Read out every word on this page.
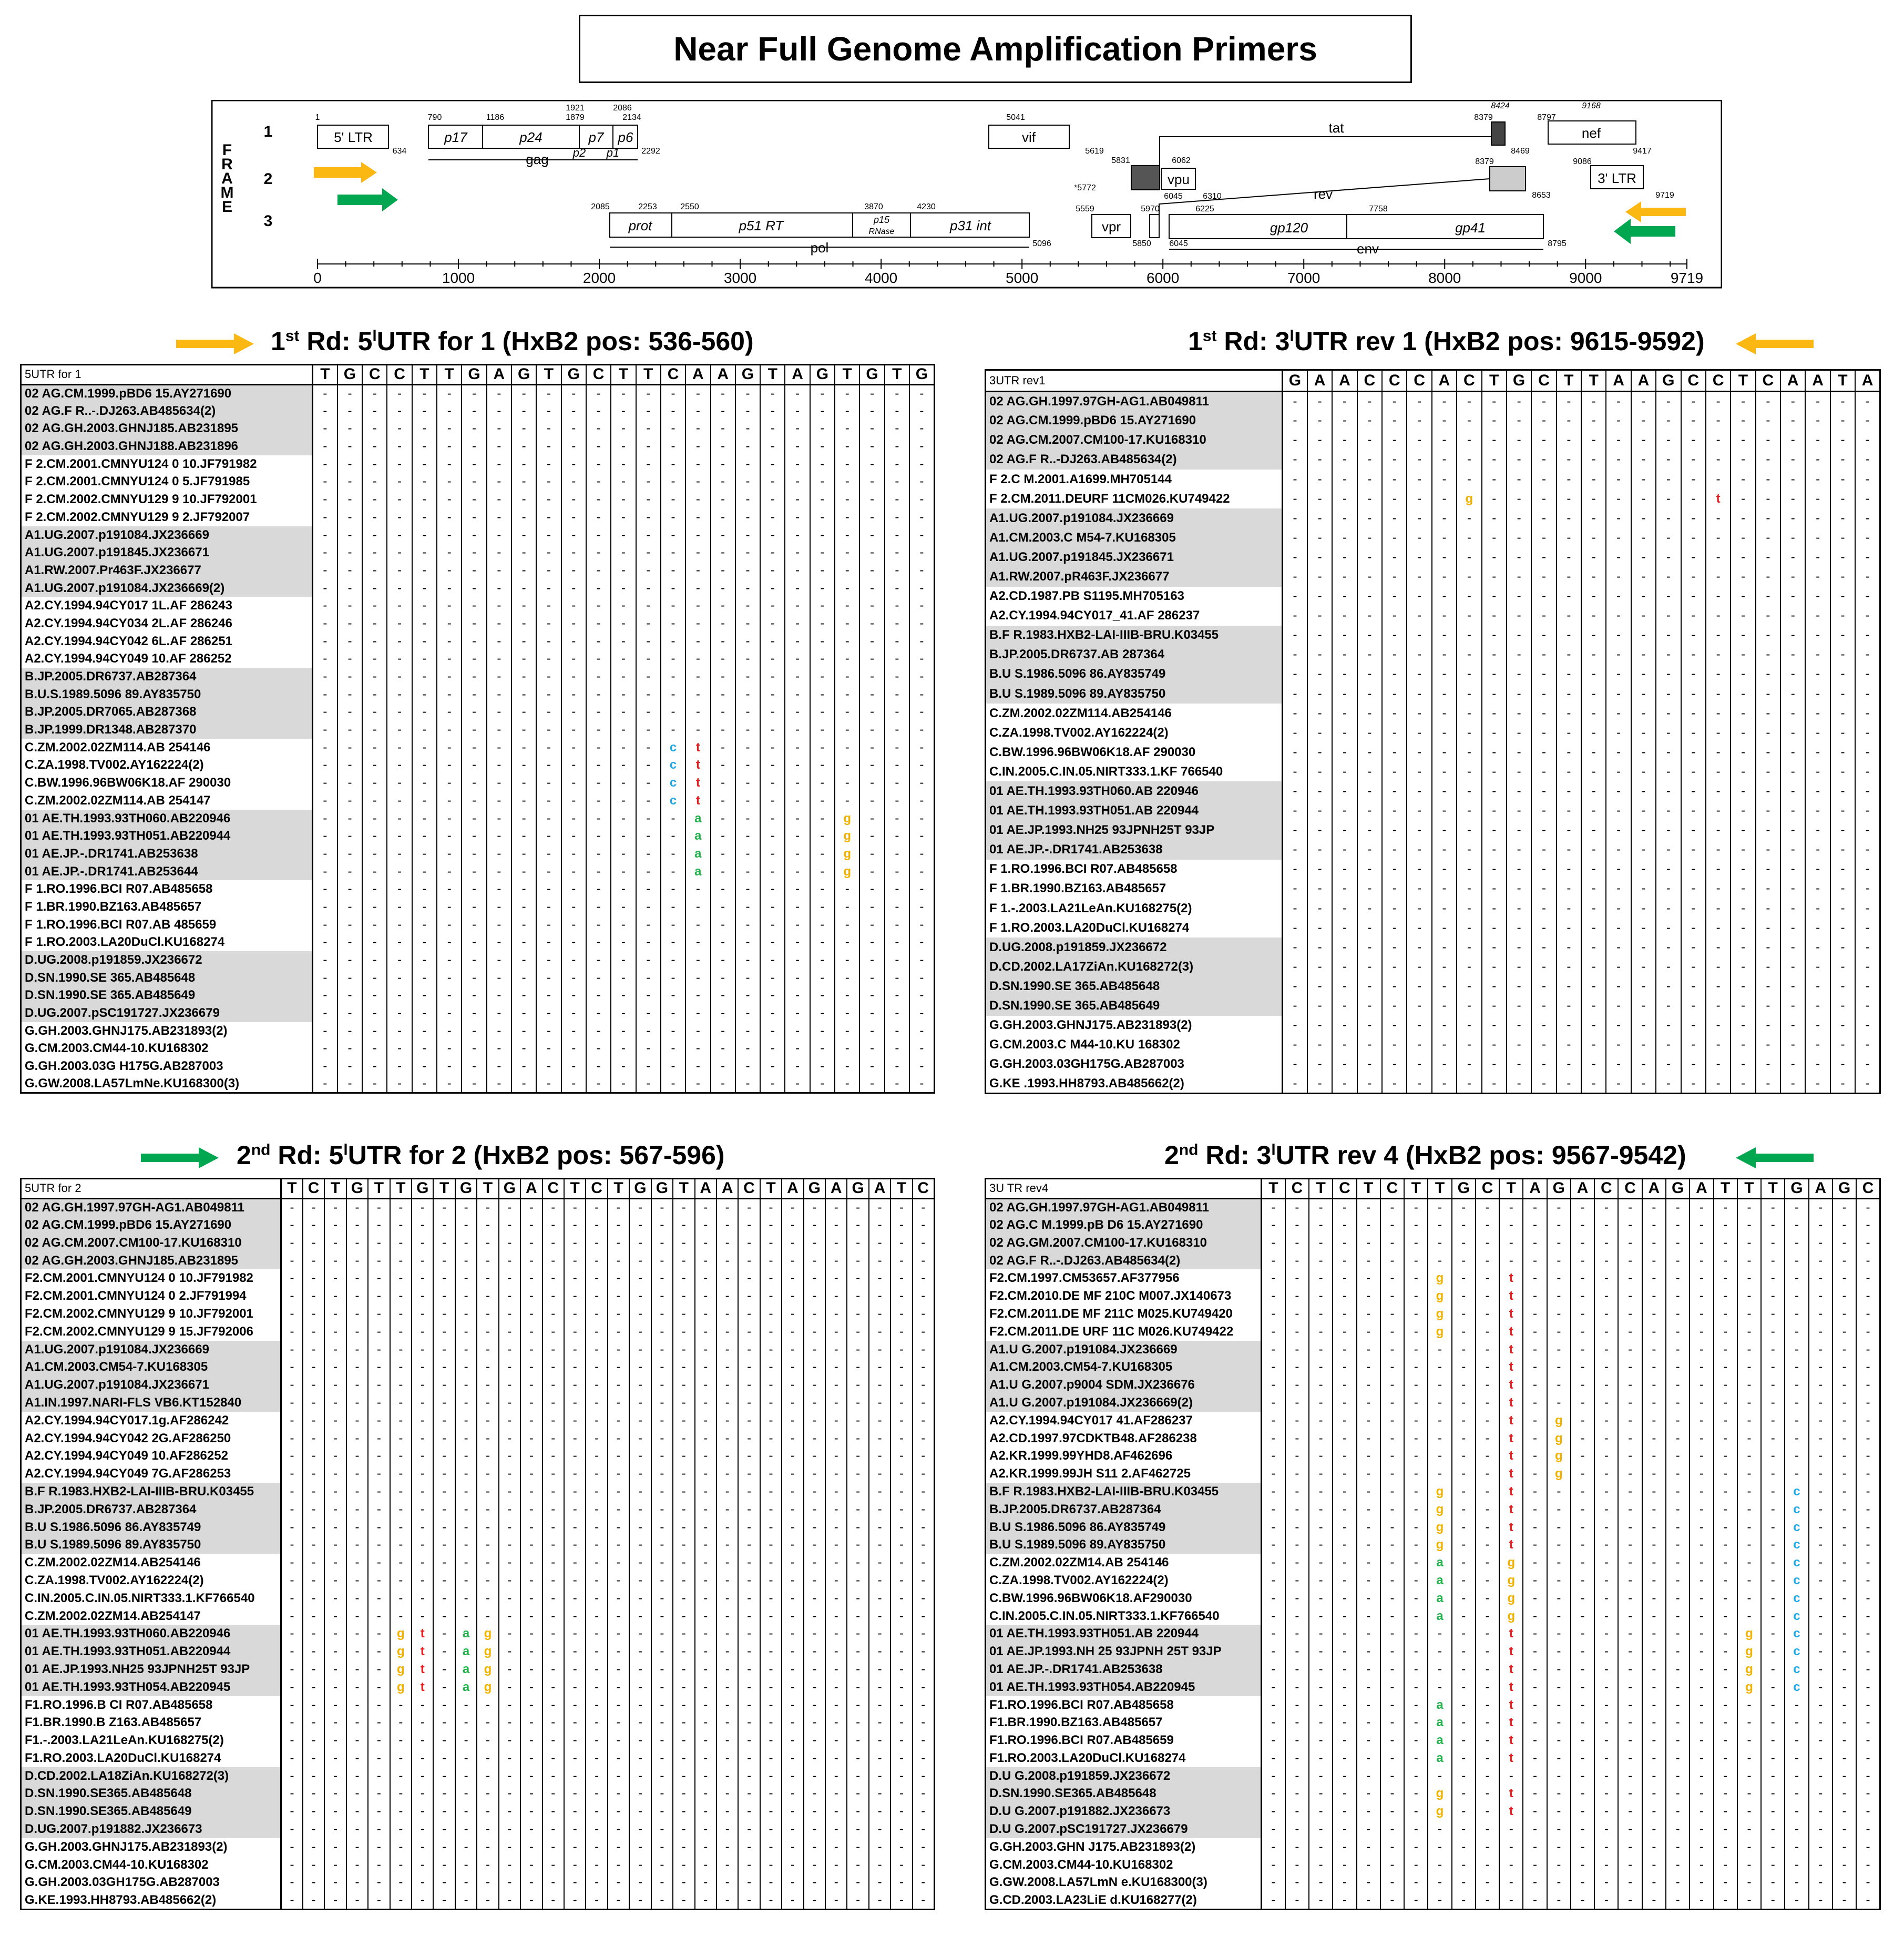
Near Full Genome Amplification Primers
F
R
A
M
E
1
2
3
5' LTR	p17	p24	p7 p6
p2 p1
gag
prot	p51 RT	p15
RNase	p31 int
pol
vif
vpr
vpu
tat
rev
gp120	gp41
env
nef
3' LTR
1
634
790	1186	1879
1921	2086
2134
2292
2085	2253	2550	3870	4230
5096
5041
5619
5831
*5772
5559
5850
5970
6045
6045
6062
6310
6225	7758
8795
8379
8379
8424
8469
8653
8797
9168
9417
9086
9719
0	1000	2000	3000	4000	5000	6000	7000	8000	9000	9719
1st Rd: 5$^l$UTR for 1 (HxB2 pos: 536-560)	1st Rd: 3$^l$UTR rev 1 (HxB2 pos: 9615-9592)
2nd Rd: 5$^l$UTR for 2 (HxB2 pos: 567-596)	2nd Rd: 3$^l$UTR rev 4 (HxB2 pos: 9567-9542)
5UTR for 1	T	G	C	C	T	T	G	A	G	T	G	C	T	T	C	A	A	G	T	A	G	T	G	T	G
02 AG.CM.1999.pBD6 15.AY271690	-	-	-	-	-	-	-	-	-	-	-	-	-	-	-	-	-	-	-	-	-	-	-	-	-
02 AG.F R..-.DJ263.AB485634(2)	-	-	-	-	-	-	-	-	-	-	-	-	-	-	-	-	-	-	-	-	-	-	-	-	-
02 AG.GH.2003.GHNJ185.AB231895	-	-	-	-	-	-	-	-	-	-	-	-	-	-	-	-	-	-	-	-	-	-	-	-	-
02 AG.GH.2003.GHNJ188.AB231896	-	-	-	-	-	-	-	-	-	-	-	-	-	-	-	-	-	-	-	-	-	-	-	-	-
F 2.CM.2001.CMNYU124 0 10.JF791982	-	-	-	-	-	-	-	-	-	-	-	-	-	-	-	-	-	-	-	-	-	-	-	-	-
F 2.CM.2001.CMNYU124 0 5.JF791985	-	-	-	-	-	-	-	-	-	-	-	-	-	-	-	-	-	-	-	-	-	-	-	-	-
F 2.CM.2002.CMNYU129 9 10.JF792001	-	-	-	-	-	-	-	-	-	-	-	-	-	-	-	-	-	-	-	-	-	-	-	-	-
F 2.CM.2002.CMNYU129 9 2.JF792007	-	-	-	-	-	-	-	-	-	-	-	-	-	-	-	-	-	-	-	-	-	-	-	-	-
A1.UG.2007.p191084.JX236669	-	-	-	-	-	-	-	-	-	-	-	-	-	-	-	-	-	-	-	-	-	-	-	-	-
A1.UG.2007.p191845.JX236671	-	-	-	-	-	-	-	-	-	-	-	-	-	-	-	-	-	-	-	-	-	-	-	-	-
A1.RW.2007.Pr463F.JX236677	-	-	-	-	-	-	-	-	-	-	-	-	-	-	-	-	-	-	-	-	-	-	-	-	-
A1.UG.2007.p191084.JX236669(2)	-	-	-	-	-	-	-	-	-	-	-	-	-	-	-	-	-	-	-	-	-	-	-	-	-
A2.CY.1994.94CY017 1L.AF 286243	-	-	-	-	-	-	-	-	-	-	-	-	-	-	-	-	-	-	-	-	-	-	-	-	-
A2.CY.1994.94CY034 2L.AF 286246	-	-	-	-	-	-	-	-	-	-	-	-	-	-	-	-	-	-	-	-	-	-	-	-	-
A2.CY.1994.94CY042 6L.AF 286251	-	-	-	-	-	-	-	-	-	-	-	-	-	-	-	-	-	-	-	-	-	-	-	-	-
A2.CY.1994.94CY049 10.AF 286252	-	-	-	-	-	-	-	-	-	-	-	-	-	-	-	-	-	-	-	-	-	-	-	-	-
B.JP.2005.DR6737.AB287364	-	-	-	-	-	-	-	-	-	-	-	-	-	-	-	-	-	-	-	-	-	-	-	-	-
B.U.S.1989.5096 89.AY835750	-	-	-	-	-	-	-	-	-	-	-	-	-	-	-	-	-	-	-	-	-	-	-	-	-
B.JP.2005.DR7065.AB287368	-	-	-	-	-	-	-	-	-	-	-	-	-	-	-	-	-	-	-	-	-	-	-	-	-
B.JP.1999.DR1348.AB287370	-	-	-	-	-	-	-	-	-	-	-	-	-	-	-	-	-	-	-	-	-	-	-	-	-
C.ZM.2002.02ZM114.AB 254146	-	-	-	-	-	-	-	-	-	-	-	-	-	-	c	t	-	-	-	-	-	-	-	-	-
C.ZA.1998.TV002.AY162224(2)	-	-	-	-	-	-	-	-	-	-	-	-	-	-	c	t	-	-	-	-	-	-	-	-	-
C.BW.1996.96BW06K18.AF 290030	-	-	-	-	-	-	-	-	-	-	-	-	-	-	c	t	-	-	-	-	-	-	-	-	-
C.ZM.2002.02ZM114.AB 254147	-	-	-	-	-	-	-	-	-	-	-	-	-	-	c	t	-	-	-	-	-	-	-	-	-
01 AE.TH.1993.93TH060.AB220946	-	-	-	-	-	-	-	-	-	-	-	-	-	-	-	a	-	-	-	-	-	g	-	-	-
01 AE.TH.1993.93TH051.AB220944	-	-	-	-	-	-	-	-	-	-	-	-	-	-	-	a	-	-	-	-	-	g	-	-	-
01 AE.JP.-.DR1741.AB253638	-	-	-	-	-	-	-	-	-	-	-	-	-	-	-	a	-	-	-	-	-	g	-	-	-
01 AE.JP.-.DR1741.AB253644	-	-	-	-	-	-	-	-	-	-	-	-	-	-	-	a	-	-	-	-	-	g	-	-	-
F 1.RO.1996.BCI R07.AB485658	-	-	-	-	-	-	-	-	-	-	-	-	-	-	-	-	-	-	-	-	-	-	-	-	-
F 1.BR.1990.BZ163.AB485657	-	-	-	-	-	-	-	-	-	-	-	-	-	-	-	-	-	-	-	-	-	-	-	-	-
F 1.RO.1996.BCI R07.AB 485659	-	-	-	-	-	-	-	-	-	-	-	-	-	-	-	-	-	-	-	-	-	-	-	-	-
F 1.RO.2003.LA20DuCl.KU168274	-	-	-	-	-	-	-	-	-	-	-	-	-	-	-	-	-	-	-	-	-	-	-	-	-
D.UG.2008.p191859.JX236672	-	-	-	-	-	-	-	-	-	-	-	-	-	-	-	-	-	-	-	-	-	-	-	-	-
D.SN.1990.SE 365.AB485648	-	-	-	-	-	-	-	-	-	-	-	-	-	-	-	-	-	-	-	-	-	-	-	-	-
D.SN.1990.SE 365.AB485649	-	-	-	-	-	-	-	-	-	-	-	-	-	-	-	-	-	-	-	-	-	-	-	-	-
D.UG.2007.pSC191727.JX236679	-	-	-	-	-	-	-	-	-	-	-	-	-	-	-	-	-	-	-	-	-	-	-	-	-
G.GH.2003.GHNJ175.AB231893(2)	-	-	-	-	-	-	-	-	-	-	-	-	-	-	-	-	-	-	-	-	-	-	-	-	-
G.CM.2003.CM44-10.KU168302	-	-	-	-	-	-	-	-	-	-	-	-	-	-	-	-	-	-	-	-	-	-	-	-	-
G.GH.2003.03G H175G.AB287003	-	-	-	-	-	-	-	-	-	-	-	-	-	-	-	-	-	-	-	-	-	-	-	-	-
G.GW.2008.LA57LmNe.KU168300(3)	-	-	-	-	-	-	-	-	-	-	-	-	-	-	-	-	-	-	-	-	-	-	-	-	-
3UTR rev1	G	A	A	C	C	C	A	C	T	G	C	T	T	A	A	G	C	C	T	C	A	A	T	A
02 AG.GH.1997.97GH-AG1.AB049811	-	-	-	-	-	-	-	-	-	-	-	-	-	-	-	-	-	-	-	-	-	-	-	-
02 AG.CM.1999.pBD6 15.AY271690	-	-	-	-	-	-	-	-	-	-	-	-	-	-	-	-	-	-	-	-	-	-	-	-
02 AG.CM.2007.CM100-17.KU168310	-	-	-	-	-	-	-	-	-	-	-	-	-	-	-	-	-	-	-	-	-	-	-	-
02 AG.F R..-DJ263.AB485634(2)	-	-	-	-	-	-	-	-	-	-	-	-	-	-	-	-	-	-	-	-	-	-	-	-
F 2.C M.2001.A1699.MH705144	-	-	-	-	-	-	-	-	-	-	-	-	-	-	-	-	-	-	-	-	-	-	-	-
F 2.CM.2011.DEURF 11CM026.KU749422	-	-	-	-	-	-	-	g	-	-	-	-	-	-	-	-	-	t	-	-	-	-	-	-
A1.UG.2007.p191084.JX236669	-	-	-	-	-	-	-	-	-	-	-	-	-	-	-	-	-	-	-	-	-	-	-	-
A1.CM.2003.C M54-7.KU168305	-	-	-	-	-	-	-	-	-	-	-	-	-	-	-	-	-	-	-	-	-	-	-	-
A1.UG.2007.p191845.JX236671	-	-	-	-	-	-	-	-	-	-	-	-	-	-	-	-	-	-	-	-	-	-	-	-
A1.RW.2007.pR463F.JX236677	-	-	-	-	-	-	-	-	-	-	-	-	-	-	-	-	-	-	-	-	-	-	-	-
A2.CD.1987.PB S1195.MH705163	-	-	-	-	-	-	-	-	-	-	-	-	-	-	-	-	-	-	-	-	-	-	-	-
A2.CY.1994.94CY017_41.AF 286237	-	-	-	-	-	-	-	-	-	-	-	-	-	-	-	-	-	-	-	-	-	-	-	-
B.F R.1983.HXB2-LAI-IIIB-BRU.K03455	-	-	-	-	-	-	-	-	-	-	-	-	-	-	-	-	-	-	-	-	-	-	-	-
B.JP.2005.DR6737.AB 287364	-	-	-	-	-	-	-	-	-	-	-	-	-	-	-	-	-	-	-	-	-	-	-	-
B.U S.1986.5096 86.AY835749	-	-	-	-	-	-	-	-	-	-	-	-	-	-	-	-	-	-	-	-	-	-	-	-
B.U S.1989.5096 89.AY835750	-	-	-	-	-	-	-	-	-	-	-	-	-	-	-	-	-	-	-	-	-	-	-	-
C.ZM.2002.02ZM114.AB254146	-	-	-	-	-	-	-	-	-	-	-	-	-	-	-	-	-	-	-	-	-	-	-	-
C.ZA.1998.TV002.AY162224(2)	-	-	-	-	-	-	-	-	-	-	-	-	-	-	-	-	-	-	-	-	-	-	-	-
C.BW.1996.96BW06K18.AF 290030	-	-	-	-	-	-	-	-	-	-	-	-	-	-	-	-	-	-	-	-	-	-	-	-
C.IN.2005.C.IN.05.NIRT333.1.KF 766540	-	-	-	-	-	-	-	-	-	-	-	-	-	-	-	-	-	-	-	-	-	-	-	-
01 AE.TH.1993.93TH060.AB 220946	-	-	-	-	-	-	-	-	-	-	-	-	-	-	-	-	-	-	-	-	-	-	-	-
01 AE.TH.1993.93TH051.AB 220944	-	-	-	-	-	-	-	-	-	-	-	-	-	-	-	-	-	-	-	-	-	-	-	-
01 AE.JP.1993.NH25 93JPNH25T 93JP	-	-	-	-	-	-	-	-	-	-	-	-	-	-	-	-	-	-	-	-	-	-	-	-
01 AE.JP.-.DR1741.AB253638	-	-	-	-	-	-	-	-	-	-	-	-	-	-	-	-	-	-	-	-	-	-	-	-
F 1.RO.1996.BCI R07.AB485658	-	-	-	-	-	-	-	-	-	-	-	-	-	-	-	-	-	-	-	-	-	-	-	-
F 1.BR.1990.BZ163.AB485657	-	-	-	-	-	-	-	-	-	-	-	-	-	-	-	-	-	-	-	-	-	-	-	-
F 1.-.2003.LA21LeAn.KU168275(2)	-	-	-	-	-	-	-	-	-	-	-	-	-	-	-	-	-	-	-	-	-	-	-	-
F 1.RO.2003.LA20DuCl.KU168274	-	-	-	-	-	-	-	-	-	-	-	-	-	-	-	-	-	-	-	-	-	-	-	-
D.UG.2008.p191859.JX236672	-	-	-	-	-	-	-	-	-	-	-	-	-	-	-	-	-	-	-	-	-	-	-	-
D.CD.2002.LA17ZiAn.KU168272(3)	-	-	-	-	-	-	-	-	-	-	-	-	-	-	-	-	-	-	-	-	-	-	-	-
D.SN.1990.SE 365.AB485648	-	-	-	-	-	-	-	-	-	-	-	-	-	-	-	-	-	-	-	-	-	-	-	-
D.SN.1990.SE 365.AB485649	-	-	-	-	-	-	-	-	-	-	-	-	-	-	-	-	-	-	-	-	-	-	-	-
G.GH.2003.GHNJ175.AB231893(2)	-	-	-	-	-	-	-	-	-	-	-	-	-	-	-	-	-	-	-	-	-	-	-	-
G.CM.2003.C M44-10.KU 168302	-	-	-	-	-	-	-	-	-	-	-	-	-	-	-	-	-	-	-	-	-	-	-	-
G.GH.2003.03GH175G.AB287003	-	-	-	-	-	-	-	-	-	-	-	-	-	-	-	-	-	-	-	-	-	-	-	-
G.KE .1993.HH8793.AB485662(2)	-	-	-	-	-	-	-	-	-	-	-	-	-	-	-	-	-	-	-	-	-	-	-	-
5UTR for 2	T	C	T	G	T	T	G	T	G	T	G	A	C	T	C	T	G	G	T	A	A	C	T	A	G	A	G	A	T	C
02 AG.GH.1997.97GH-AG1.AB049811	-	-	-	-	-	-	-	-	-	-	-	-	-	-	-	-	-	-	-	-	-	-	-	-	-	-	-	-	-	-
02 AG.CM.1999.pBD6 15.AY271690	-	-	-	-	-	-	-	-	-	-	-	-	-	-	-	-	-	-	-	-	-	-	-	-	-	-	-	-	-	-
02 AG.CM.2007.CM100-17.KU168310	-	-	-	-	-	-	-	-	-	-	-	-	-	-	-	-	-	-	-	-	-	-	-	-	-	-	-	-	-	-
02 AG.GH.2003.GHNJ185.AB231895	-	-	-	-	-	-	-	-	-	-	-	-	-	-	-	-	-	-	-	-	-	-	-	-	-	-	-	-	-	-
F2.CM.2001.CMNYU124 0 10.JF791982	-	-	-	-	-	-	-	-	-	-	-	-	-	-	-	-	-	-	-	-	-	-	-	-	-	-	-	-	-	-
F2.CM.2001.CMNYU124 0 2.JF791994	-	-	-	-	-	-	-	-	-	-	-	-	-	-	-	-	-	-	-	-	-	-	-	-	-	-	-	-	-	-
F2.CM.2002.CMNYU129 9 10.JF792001	-	-	-	-	-	-	-	-	-	-	-	-	-	-	-	-	-	-	-	-	-	-	-	-	-	-	-	-	-	-
F2.CM.2002.CMNYU129 9 15.JF792006	-	-	-	-	-	-	-	-	-	-	-	-	-	-	-	-	-	-	-	-	-	-	-	-	-	-	-	-	-	-
A1.UG.2007.p191084.JX236669	-	-	-	-	-	-	-	-	-	-	-	-	-	-	-	-	-	-	-	-	-	-	-	-	-	-	-	-	-	-
A1.CM.2003.CM54-7.KU168305	-	-	-	-	-	-	-	-	-	-	-	-	-	-	-	-	-	-	-	-	-	-	-	-	-	-	-	-	-	-
A1.UG.2007.p191084.JX236671	-	-	-	-	-	-	-	-	-	-	-	-	-	-	-	-	-	-	-	-	-	-	-	-	-	-	-	-	-	-
A1.IN.1997.NARI-FLS VB6.KT152840	-	-	-	-	-	-	-	-	-	-	-	-	-	-	-	-	-	-	-	-	-	-	-	-	-	-	-	-	-	-
A2.CY.1994.94CY017.1g.AF286242	-	-	-	-	-	-	-	-	-	-	-	-	-	-	-	-	-	-	-	-	-	-	-	-	-	-	-	-	-	-
A2.CY.1994.94CY042 2G.AF286250	-	-	-	-	-	-	-	-	-	-	-	-	-	-	-	-	-	-	-	-	-	-	-	-	-	-	-	-	-	-
A2.CY.1994.94CY049 10.AF286252	-	-	-	-	-	-	-	-	-	-	-	-	-	-	-	-	-	-	-	-	-	-	-	-	-	-	-	-	-	-
A2.CY.1994.94CY049 7G.AF286253	-	-	-	-	-	-	-	-	-	-	-	-	-	-	-	-	-	-	-	-	-	-	-	-	-	-	-	-	-	-
B.F R.1983.HXB2-LAI-IIIB-BRU.K03455	-	-	-	-	-	-	-	-	-	-	-	-	-	-	-	-	-	-	-	-	-	-	-	-	-	-	-	-	-	-
B.JP.2005.DR6737.AB287364	-	-	-	-	-	-	-	-	-	-	-	-	-	-	-	-	-	-	-	-	-	-	-	-	-	-	-	-	-	-
B.U S.1986.5096 86.AY835749	-	-	-	-	-	-	-	-	-	-	-	-	-	-	-	-	-	-	-	-	-	-	-	-	-	-	-	-	-	-
B.U S.1989.5096 89.AY835750	-	-	-	-	-	-	-	-	-	-	-	-	-	-	-	-	-	-	-	-	-	-	-	-	-	-	-	-	-	-
C.ZM.2002.02ZM14.AB254146	-	-	-	-	-	-	-	-	-	-	-	-	-	-	-	-	-	-	-	-	-	-	-	-	-	-	-	-	-	-
C.ZA.1998.TV002.AY162224(2)	-	-	-	-	-	-	-	-	-	-	-	-	-	-	-	-	-	-	-	-	-	-	-	-	-	-	-	-	-	-
C.IN.2005.C.IN.05.NIRT333.1.KF766540	-	-	-	-	-	-	-	-	-	-	-	-	-	-	-	-	-	-	-	-	-	-	-	-	-	-	-	-	-	-
C.ZM.2002.02ZM14.AB254147	-	-	-	-	-	-	-	-	-	-	-	-	-	-	-	-	-	-	-	-	-	-	-	-	-	-	-	-	-	-
01 AE.TH.1993.93TH060.AB220946	-	-	-	-	-	g	t	-	a	g	-	-	-	-	-	-	-	-	-	-	-	-	-	-	-	-	-	-	-	-
01 AE.TH.1993.93TH051.AB220944	-	-	-	-	-	g	t	-	a	g	-	-	-	-	-	-	-	-	-	-	-	-	-	-	-	-	-	-	-	-
01 AE.JP.1993.NH25 93JPNH25T 93JP	-	-	-	-	-	g	t	-	a	g	-	-	-	-	-	-	-	-	-	-	-	-	-	-	-	-	-	-	-	-
01 AE.TH.1993.93TH054.AB220945	-	-	-	-	-	g	t	-	a	g	-	-	-	-	-	-	-	-	-	-	-	-	-	-	-	-	-	-	-	-
F1.RO.1996.B CI R07.AB485658	-	-	-	-	-	-	-	-	-	-	-	-	-	-	-	-	-	-	-	-	-	-	-	-	-	-	-	-	-	-
F1.BR.1990.B Z163.AB485657	-	-	-	-	-	-	-	-	-	-	-	-	-	-	-	-	-	-	-	-	-	-	-	-	-	-	-	-	-	-
F1.-.2003.LA21LeAn.KU168275(2)	-	-	-	-	-	-	-	-	-	-	-	-	-	-	-	-	-	-	-	-	-	-	-	-	-	-	-	-	-	-
F1.RO.2003.LA20DuCl.KU168274	-	-	-	-	-	-	-	-	-	-	-	-	-	-	-	-	-	-	-	-	-	-	-	-	-	-	-	-	-	-
D.CD.2002.LA18ZiAn.KU168272(3)	-	-	-	-	-	-	-	-	-	-	-	-	-	-	-	-	-	-	-	-	-	-	-	-	-	-	-	-	-	-
D.SN.1990.SE365.AB485648	-	-	-	-	-	-	-	-	-	-	-	-	-	-	-	-	-	-	-	-	-	-	-	-	-	-	-	-	-	-
D.SN.1990.SE365.AB485649	-	-	-	-	-	-	-	-	-	-	-	-	-	-	-	-	-	-	-	-	-	-	-	-	-	-	-	-	-	-
D.UG.2007.p191882.JX236673	-	-	-	-	-	-	-	-	-	-	-	-	-	-	-	-	-	-	-	-	-	-	-	-	-	-	-	-	-	-
G.GH.2003.GHNJ175.AB231893(2)	-	-	-	-	-	-	-	-	-	-	-	-	-	-	-	-	-	-	-	-	-	-	-	-	-	-	-	-	-	-
G.CM.2003.CM44-10.KU168302	-	-	-	-	-	-	-	-	-	-	-	-	-	-	-	-	-	-	-	-	-	-	-	-	-	-	-	-	-	-
G.GH.2003.03GH175G.AB287003	-	-	-	-	-	-	-	-	-	-	-	-	-	-	-	-	-	-	-	-	-	-	-	-	-	-	-	-	-	-
G.KE.1993.HH8793.AB485662(2)	-	-	-	-	-	-	-	-	-	-	-	-	-	-	-	-	-	-	-	-	-	-	-	-	-	-	-	-	-	-
3U TR rev4	T	C	T	C	T	C	T	T	G	C	T	A	G	A	C	C	A	G	A	T	T	T	G	A	G	C
02 AG.GH.1997.97GH-AG1.AB049811	-	-	-	-	-	-	-	-	-	-	-	-	-	-	-	-	-	-	-	-	-	-	-	-	-	-
02 AG.C M.1999.pB D6 15.AY271690	-	-	-	-	-	-	-	-	-	-	-	-	-	-	-	-	-	-	-	-	-	-	-	-	-	-
02 AG.GM.2007.CM100-17.KU168310	-	-	-	-	-	-	-	-	-	-	-	-	-	-	-	-	-	-	-	-	-	-	-	-	-	-
02 AG.F R..-.DJ263.AB485634(2)	-	-	-	-	-	-	-	-	-	-	-	-	-	-	-	-	-	-	-	-	-	-	-	-	-	-
F2.CM.1997.CM53657.AF377956	-	-	-	-	-	-	-	g	-	-	t	-	-	-	-	-	-	-	-	-	-	-	-	-	-	-
F2.CM.2010.DE MF 210C M007.JX140673	-	-	-	-	-	-	-	g	-	-	t	-	-	-	-	-	-	-	-	-	-	-	-	-	-	-
F2.CM.2011.DE MF 211C M025.KU749420	-	-	-	-	-	-	-	g	-	-	t	-	-	-	-	-	-	-	-	-	-	-	-	-	-	-
F2.CM.2011.DE URF 11C M026.KU749422	-	-	-	-	-	-	-	g	-	-	t	-	-	-	-	-	-	-	-	-	-	-	-	-	-	-
A1.U G.2007.p191084.JX236669	-	-	-	-	-	-	-	-	-	-	t	-	-	-	-	-	-	-	-	-	-	-	-	-	-	-
A1.CM.2003.CM54-7.KU168305	-	-	-	-	-	-	-	-	-	-	t	-	-	-	-	-	-	-	-	-	-	-	-	-	-	-
A1.U G.2007.p9004 SDM.JX236676	-	-	-	-	-	-	-	-	-	-	t	-	-	-	-	-	-	-	-	-	-	-	-	-	-	-
A1.U G.2007.p191084.JX236669(2)	-	-	-	-	-	-	-	-	-	-	t	-	-	-	-	-	-	-	-	-	-	-	-	-	-	-
A2.CY.1994.94CY017 41.AF286237	-	-	-	-	-	-	-	-	-	-	t	-	g	-	-	-	-	-	-	-	-	-	-	-	-	-
A2.CD.1997.97CDKTB48.AF286238	-	-	-	-	-	-	-	-	-	-	t	-	g	-	-	-	-	-	-	-	-	-	-	-	-	-
A2.KR.1999.99YHD8.AF462696	-	-	-	-	-	-	-	-	-	-	t	-	g	-	-	-	-	-	-	-	-	-	-	-	-	-
A2.KR.1999.99JH S11 2.AF462725	-	-	-	-	-	-	-	-	-	-	t	-	g	-	-	-	-	-	-	-	-	-	-	-	-	-
B.F R.1983.HXB2-LAI-IIIB-BRU.K03455	-	-	-	-	-	-	-	g	-	-	t	-	-	-	-	-	-	-	-	-	-	-	c	-	-	-
B.JP.2005.DR6737.AB287364	-	-	-	-	-	-	-	g	-	-	t	-	-	-	-	-	-	-	-	-	-	-	c	-	-	-
B.U S.1986.5096 86.AY835749	-	-	-	-	-	-	-	g	-	-	t	-	-	-	-	-	-	-	-	-	-	-	c	-	-	-
B.U S.1989.5096 89.AY835750	-	-	-	-	-	-	-	g	-	-	t	-	-	-	-	-	-	-	-	-	-	-	c	-	-	-
C.ZM.2002.02ZM14.AB 254146	-	-	-	-	-	-	-	a	-	-	g	-	-	-	-	-	-	-	-	-	-	-	c	-	-	-
C.ZA.1998.TV002.AY162224(2)	-	-	-	-	-	-	-	a	-	-	g	-	-	-	-	-	-	-	-	-	-	-	c	-	-	-
C.BW.1996.96BW06K18.AF290030	-	-	-	-	-	-	-	a	-	-	g	-	-	-	-	-	-	-	-	-	-	-	c	-	-	-
C.IN.2005.C.IN.05.NIRT333.1.KF766540	-	-	-	-	-	-	-	a	-	-	g	-	-	-	-	-	-	-	-	-	-	-	c	-	-	-
01 AE.TH.1993.93TH051.AB 220944	-	-	-	-	-	-	-	-	-	-	t	-	-	-	-	-	-	-	-	-	g	-	c	-	-	-
01 AE.JP.1993.NH 25 93JPNH 25T 93JP	-	-	-	-	-	-	-	-	-	-	t	-	-	-	-	-	-	-	-	-	g	-	c	-	-	-
01 AE.JP.-.DR1741.AB253638	-	-	-	-	-	-	-	-	-	-	t	-	-	-	-	-	-	-	-	-	g	-	c	-	-	-
01 AE.TH.1993.93TH054.AB220945	-	-	-	-	-	-	-	-	-	-	t	-	-	-	-	-	-	-	-	-	g	-	c	-	-	-
F1.RO.1996.BCI R07.AB485658	-	-	-	-	-	-	-	a	-	-	t	-	-	-	-	-	-	-	-	-	-	-	-	-	-	-
F1.BR.1990.BZ163.AB485657	-	-	-	-	-	-	-	a	-	-	t	-	-	-	-	-	-	-	-	-	-	-	-	-	-	-
F1.RO.1996.BCI R07.AB485659	-	-	-	-	-	-	-	a	-	-	t	-	-	-	-	-	-	-	-	-	-	-	-	-	-	-
F1.RO.2003.LA20DuCl.KU168274	-	-	-	-	-	-	-	a	-	-	t	-	-	-	-	-	-	-	-	-	-	-	-	-	-	-
D.U G.2008.p191859.JX236672	-	-	-	-	-	-	-	-	-	-	-	-	-	-	-	-	-	-	-	-	-	-	-	-	-	-
D.SN.1990.SE365.AB485648	-	-	-	-	-	-	-	g	-	-	t	-	-	-	-	-	-	-	-	-	-	-	-	-	-	-
D.U G.2007.p191882.JX236673	-	-	-	-	-	-	-	g	-	-	t	-	-	-	-	-	-	-	-	-	-	-	-	-	-	-
D.U G.2007.pSC191727.JX236679	-	-	-	-	-	-	-	-	-	-	-	-	-	-	-	-	-	-	-	-	-	-	-	-	-	-
G.GH.2003.GHN J175.AB231893(2)	-	-	-	-	-	-	-	-	-	-	-	-	-	-	-	-	-	-	-	-	-	-	-	-	-	-
G.CM.2003.CM44-10.KU168302	-	-	-	-	-	-	-	-	-	-	-	-	-	-	-	-	-	-	-	-	-	-	-	-	-	-
G.GW.2008.LA57LmN e.KU168300(3)	-	-	-	-	-	-	-	-	-	-	-	-	-	-	-	-	-	-	-	-	-	-	-	-	-	-
G.CD.2003.LA23LiE d.KU168277(2)	-	-	-	-	-	-	-	-	-	-	-	-	-	-	-	-	-	-	-	-	-	-	-	-	-	-
